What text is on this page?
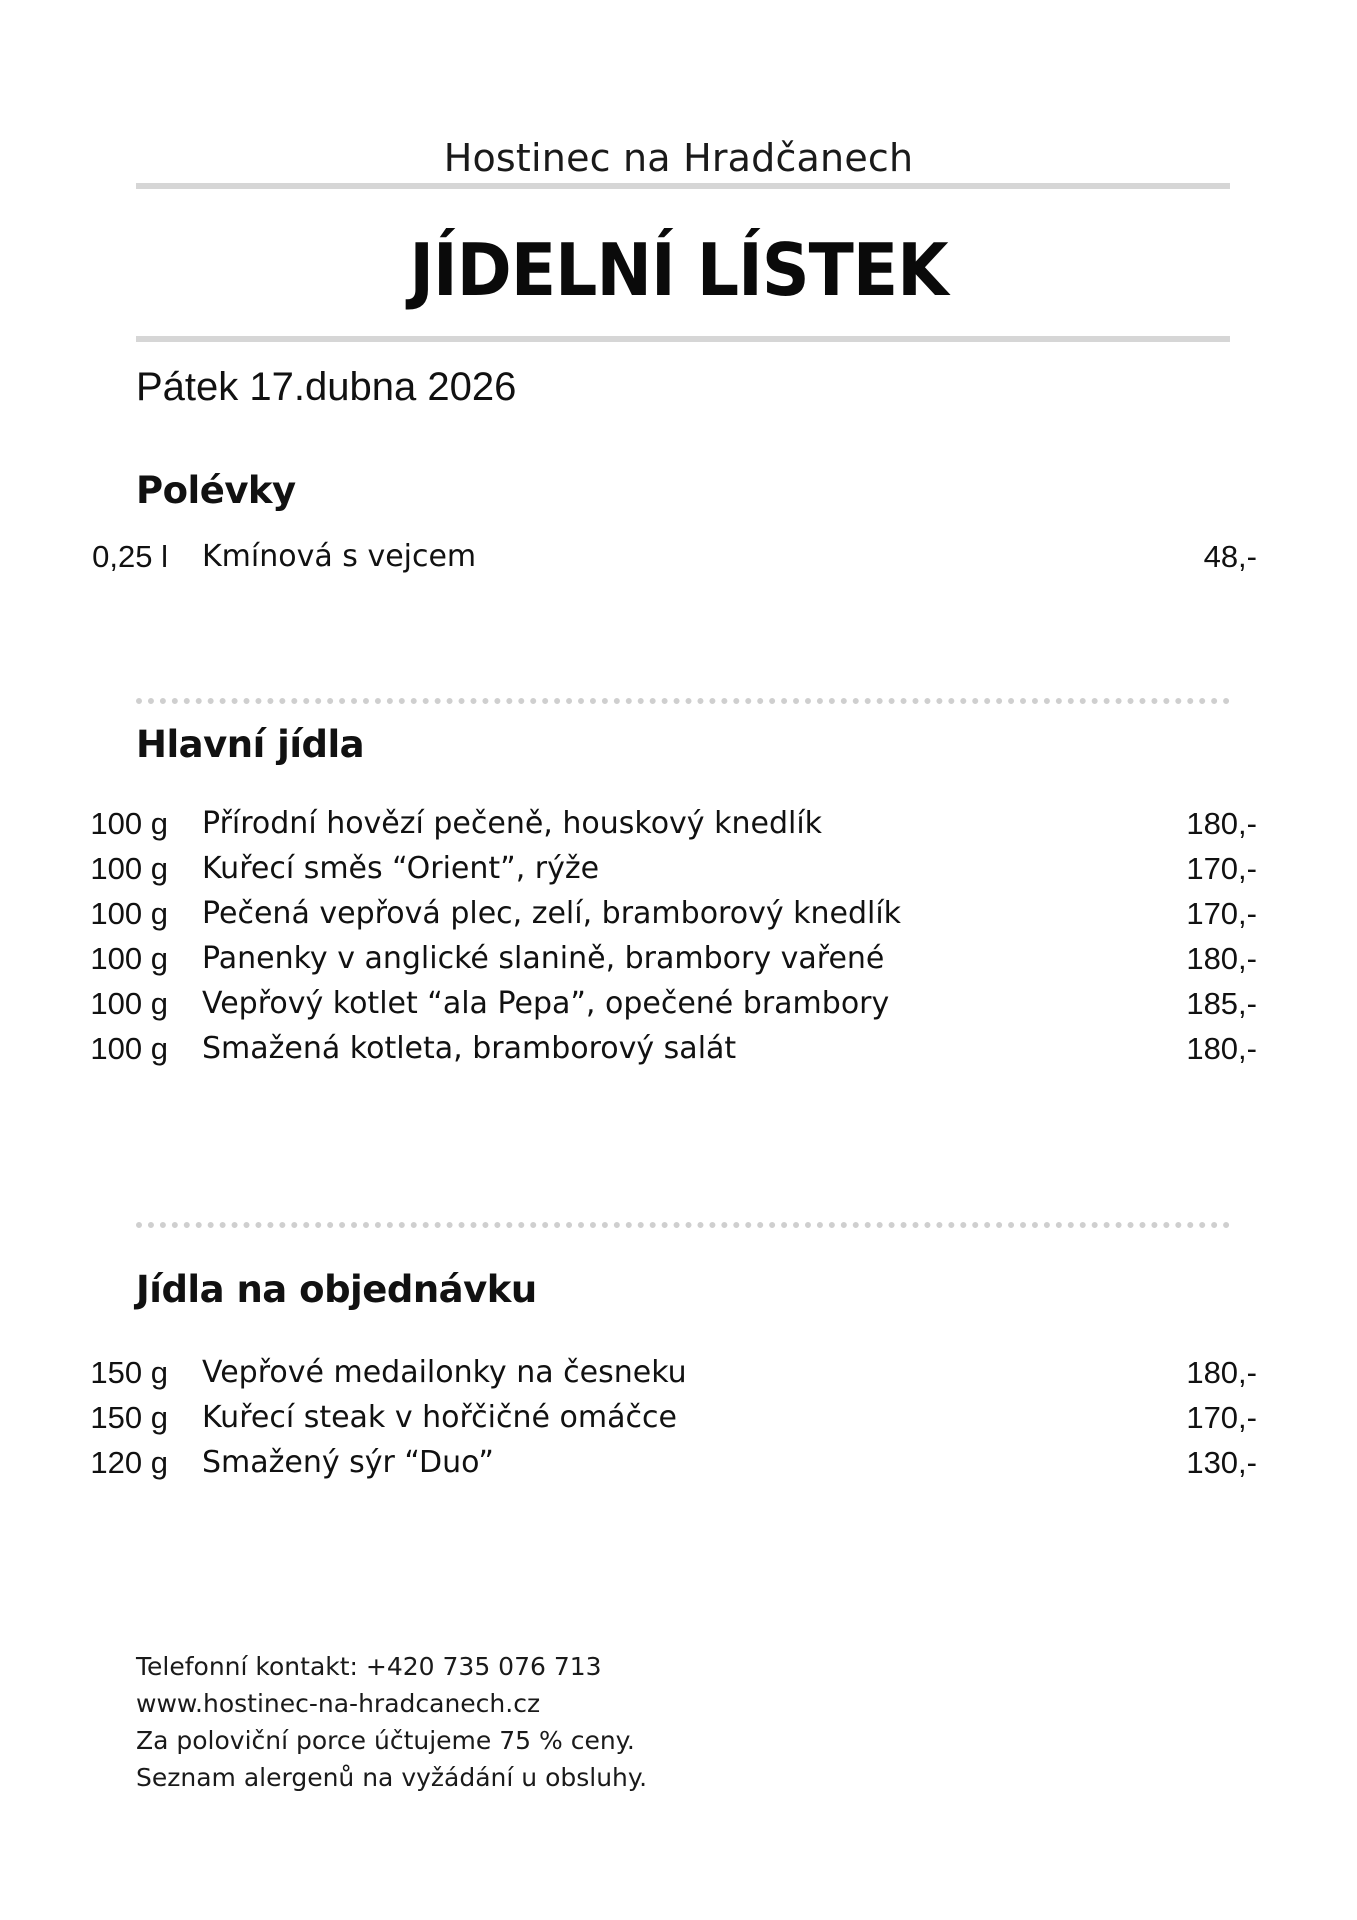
Hostinec na Hradčanech
JÍDELNÍ LÍSTEK
Pátek 17.dubna 2026
Polévky
0,25 l Kmínová s vejcem	48,-
Hlavní jídla
100 g Přírodní hovězí pečeně, houskový knedlík	180,-
100 g Kuřecí směs “Orient”, rýže	170,-
100 g Pečená vepřová plec, zelí, bramborový knedlík	170,-
100 g Panenky v anglické slanině, brambory vařené	180,-
100 g Vepřový kotlet “ala Pepa”, opečené brambory	185,-
100 g Smažená kotleta, bramborový salát	180,-
Jídla na objednávku
150 g Vepřové medailonky na česneku	180,-
150 g Kuřecí steak v hořčičné omáčce	170,-
120 g Smažený sýr “Duo”	130,-
Telefonní kontakt: +420 735 076 713
www.hostinec-na-hradcanech.cz
Za poloviční porce účtujeme 75 % ceny.
Seznam alergenů na vyžádání u obsluhy.
